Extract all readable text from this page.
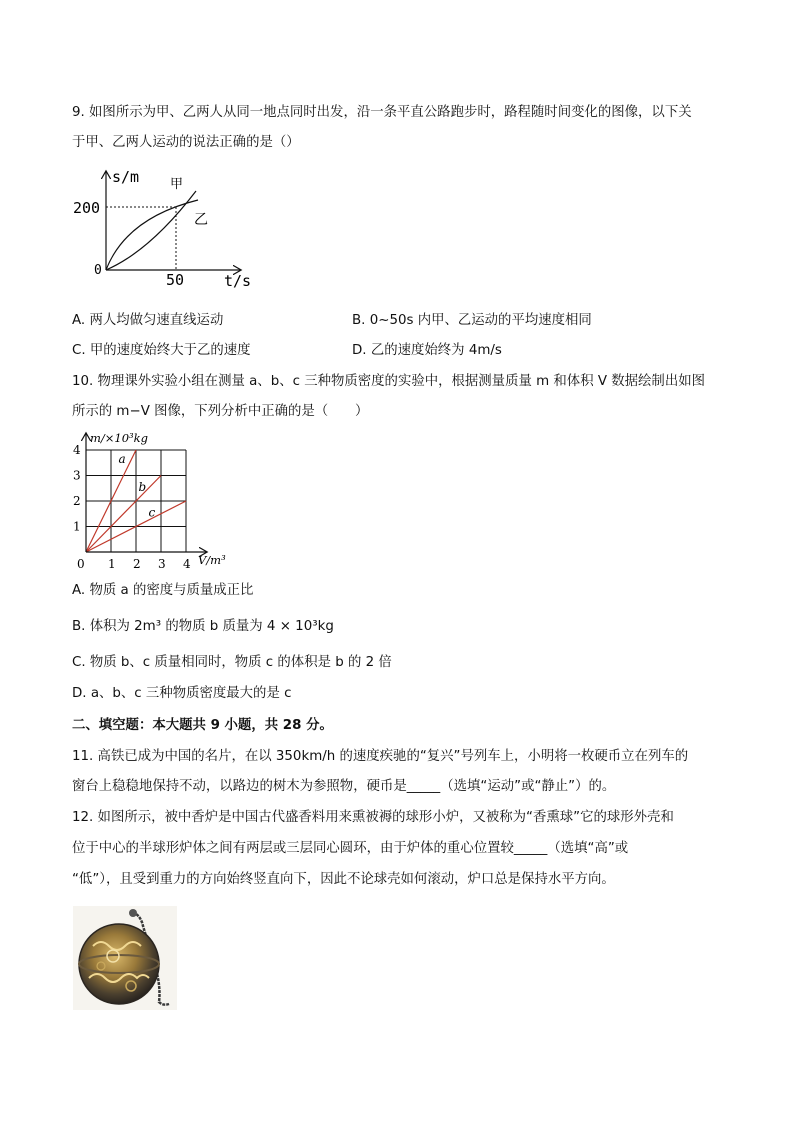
9. 如图所示为甲、乙两人从同一地点同时出发，沿一条平直公路跑步时，路程随时间变化的图像，以下关
于甲、乙两人运动的说法正确的是（）
s/m
t/s
0
200
50
甲
乙
A. 两人均做匀速直线运动	B. 0~50s 内甲、乙运动的平均速度相同
C. 甲的速度始终大于乙的速度	D. 乙的速度始终为 4m/s
10. 物理课外实验小组在测量 a、b、c 三种物质密度的实验中，根据测量质量 m 和体积 V 数据绘制出如图
所示的 m−V 图像，下列分析中正确的是（　　）
a
b
c
0 1 2 3 4
1
2
3
4
m/×10³kg
V/m³
A. 物质 a 的密度与质量成正比
B. 体积为 2m³ 的物质 b 质量为 4 × 10³kg
C. 物质 b、c 质量相同时，物质 c 的体积是 b 的 2 倍
D. a、b、c 三种物质密度最大的是 c
二、填空题：本大题共 9 小题，共 28 分。
11. 高铁已成为中国的名片，在以 350km/h 的速度疾驰的“复兴”号列车上，小明将一枚硬币立在列车的
窗台上稳稳地保持不动，以路边的树木为参照物，硬币是_____（选填“运动”或“静止”）的。
12. 如图所示，被中香炉是中国古代盛香料用来熏被褥的球形小炉，又被称为“香熏球”它的球形外壳和
位于中心的半球形炉体之间有两层或三层同心圆环，由于炉体的重心位置较_____（选填“高”或
“低”），且受到重力的方向始终竖直向下，因此不论球壳如何滚动，炉口总是保持水平方向。
